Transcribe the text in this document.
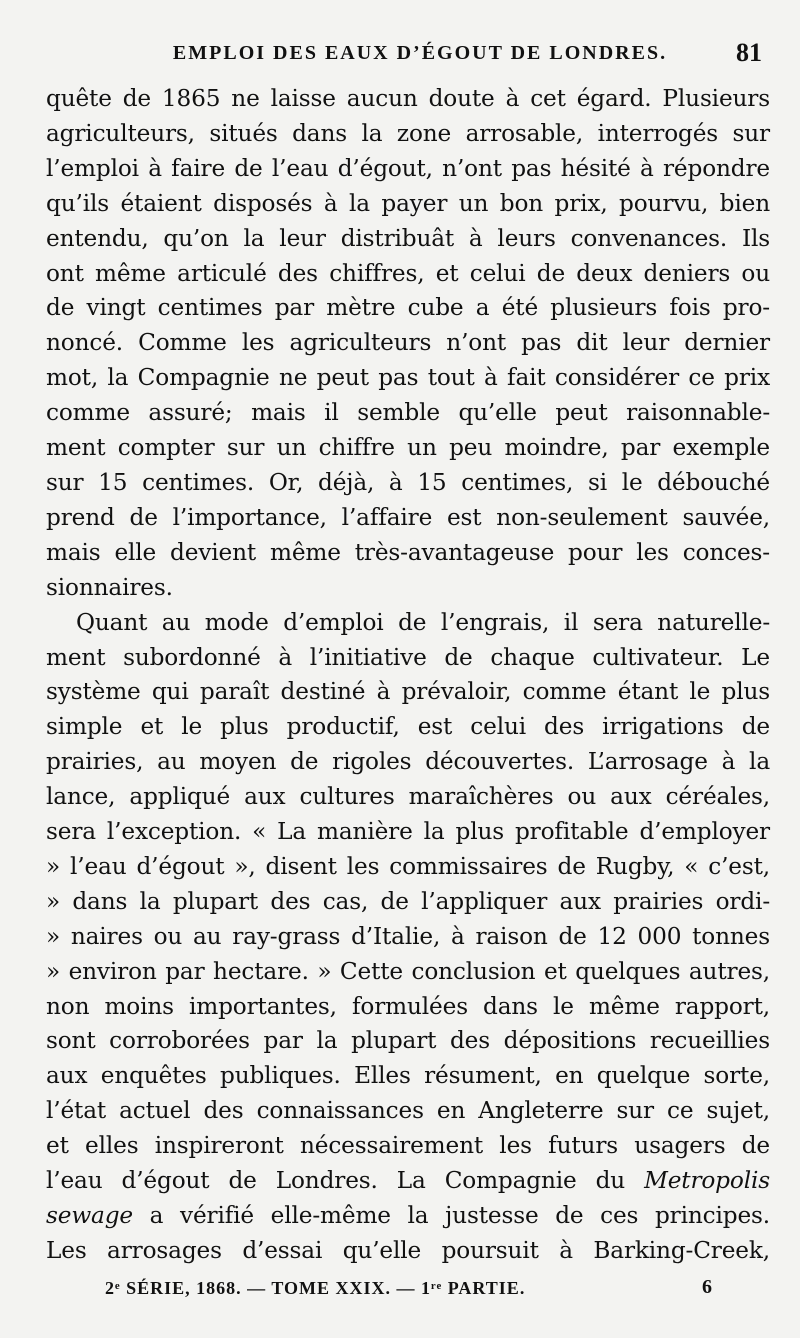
EMPLOI DES EAUX D’ÉGOUT DE LONDRES.	81
quête de 1865 ne laisse aucun doute à cet égard. Plusieurs
agriculteurs, situés dans la zone arrosable, interrogés sur
l’emploi à faire de l’eau d’égout, n’ont pas hésité à répondre
qu’ils étaient disposés à la payer un bon prix, pourvu, bien
entendu, qu’on la leur distribuât à leurs convenances. Ils
ont même articulé des chiffres, et celui de deux deniers ou
de vingt centimes par mètre cube a été plusieurs fois pro-
noncé. Comme les agriculteurs n’ont pas dit leur dernier
mot, la Compagnie ne peut pas tout à fait considérer ce prix
comme assuré; mais il semble qu’elle peut raisonnable-
ment compter sur un chiffre un peu moindre, par exemple
sur 15 centimes. Or, déjà, à 15 centimes, si le débouché
prend de l’importance, l’affaire est non-seulement sauvée,
mais elle devient même très-avantageuse pour les conces-
sionnaires.
Quant au mode d’emploi de l’engrais, il sera naturelle-
ment subordonné à l’initiative de chaque cultivateur. Le
système qui paraît destiné à prévaloir, comme étant le plus
simple et le plus productif, est celui des irrigations de
prairies, au moyen de rigoles découvertes. L’arrosage à la
lance, appliqué aux cultures maraîchères ou aux céréales,
sera l’exception. « La manière la plus profitable d’employer
» l’eau d’égout », disent les commissaires de Rugby, « c’est,
» dans la plupart des cas, de l’appliquer aux prairies ordi-
» naires ou au ray-grass d’Italie, à raison de 12 000 tonnes
» environ par hectare. » Cette conclusion et quelques autres,
non moins importantes, formulées dans le même rapport,
sont corroborées par la plupart des dépositions recueillies
aux enquêtes publiques. Elles résument, en quelque sorte,
l’état actuel des connaissances en Angleterre sur ce sujet,
et elles inspireront nécessairement les futurs usagers de
l’eau d’égout de Londres. La Compagnie du Metropolis
sewage a vérifié elle-même la justesse de ces principes.
Les arrosages d’essai qu’elle poursuit à Barking-Creek,
2ᵉ SÉRIE, 1868. — TOME XXIX. — 1ʳᵉ PARTIE.	6
